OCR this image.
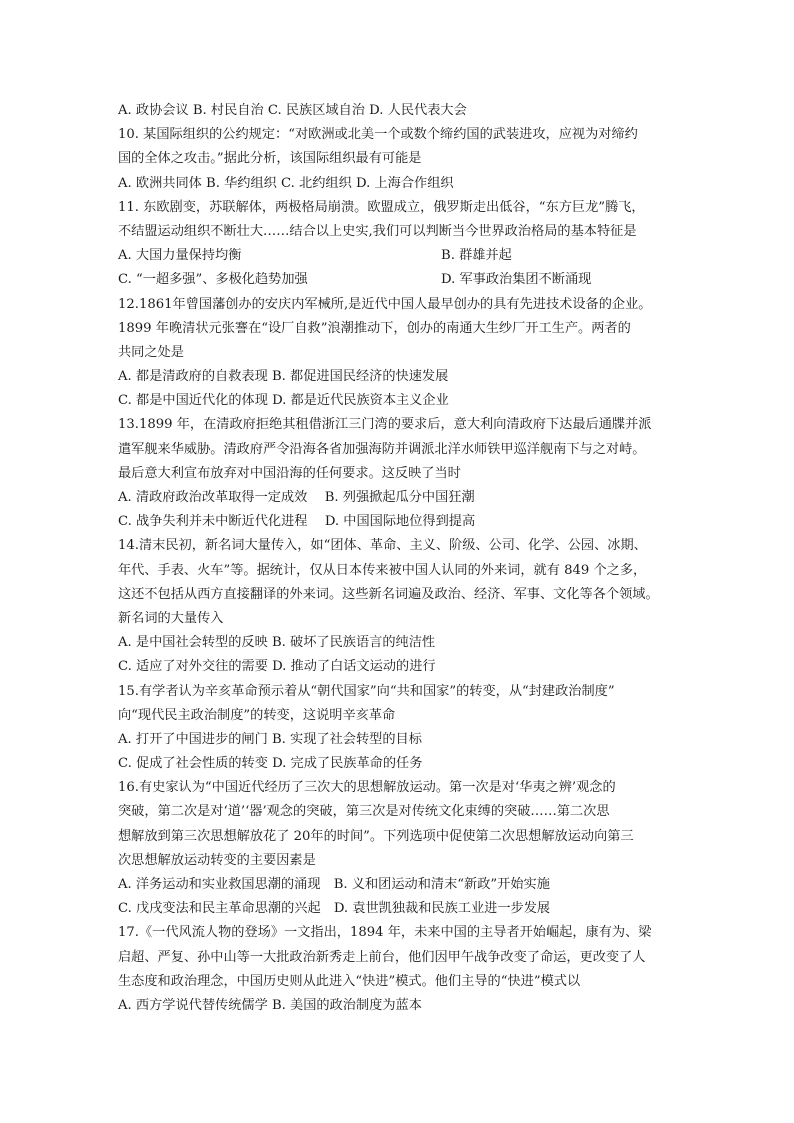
A. 政协会议 B. 村民自治 C. 民族区域自治 D. 人民代表大会
10. 某国际组织的公约规定：“对欧洲或北美一个或数个缔约国的武装进攻，应视为对缔约
国的全体之攻击。”据此分析，该国际组织最有可能是
A. 欧洲共同体 B. 华约组织 C. 北约组织 D. 上海合作组织
11. 东欧剧变，苏联解体，两极格局崩溃。欧盟成立，俄罗斯走出低谷，“东方巨龙”腾飞，
不结盟运动组织不断壮大……结合以上史实,我们可以判断当今世界政治格局的基本特征是
A. 大国力量保持均衡	B. 群雄并起
C. “一超多强”、多极化趋势加强	D. 军事政治集团不断涌现
12.1861年曾国藩创办的安庆内军械所,是近代中国人最早创办的具有先进技术设备的企业。
1899 年晚清状元张謇在“设厂自救”浪潮推动下，创办的南通大生纱厂开工生产。两者的
共同之处是
A. 都是清政府的自救表现 B. 都促进国民经济的快速发展
C. 都是中国近代化的体现 D. 都是近代民族资本主义企业
13.1899 年，在清政府拒绝其租借浙江三门湾的要求后，意大利向清政府下达最后通牒并派
遣军舰来华威胁。清政府严令沿海各省加强海防并调派北洋水师铁甲巡洋舰南下与之对峙。
最后意大利宣布放弃对中国沿海的任何要求。这反映了当时
A. 清政府政治改革取得一定成效　 B. 列强掀起瓜分中国狂潮
C. 战争失利并未中断近代化进程　 D. 中国国际地位得到提高
14.清末民初，新名词大量传入，如“团体、革命、主义、阶级、公司、化学、公园、冰期、
年代、手表、火车”等。据统计，仅从日本传来被中国人认同的外来词，就有 849 个之多，
这还不包括从西方直接翻译的外来词。这些新名词遍及政治、经济、军事、文化等各个领域。
新名词的大量传入
A. 是中国社会转型的反映 B. 破坏了民族语言的纯洁性
C. 适应了对外交往的需要 D. 推动了白话文运动的进行
15.有学者认为辛亥革命预示着从“朝代国家”向“共和国家”的转变，从“封建政治制度”
向“现代民主政治制度”的转变，这说明辛亥革命
A. 打开了中国进步的闸门 B. 实现了社会转型的目标
C. 促成了社会性质的转变 D. 完成了民族革命的任务
16.有史家认为“中国近代经历了三次大的思想解放运动。第一次是对‘华夷之辨’观念的
突破，第二次是对‘道’‘器’观念的突破，第三次是对传统文化束缚的突破……第二次思
想解放到第三次思想解放花了 20年的时间”。下列选项中促使第二次思想解放运动向第三
次思想解放运动转变的主要因素是
A. 洋务运动和实业救国思潮的涌现　B. 义和团运动和清末“新政”开始实施
C. 戊戌变法和民主革命思潮的兴起　D. 袁世凯独裁和民族工业进一步发展
17.《一代风流人物的登场》一文指出，1894 年，未来中国的主导者开始崛起，康有为、梁
启超、严复、孙中山等一大批政治新秀走上前台，他们因甲午战争改变了命运，更改变了人
生态度和政治理念，中国历史则从此进入“快进”模式。他们主导的“快进”模式以
A. 西方学说代替传统儒学 B. 美国的政治制度为蓝本
